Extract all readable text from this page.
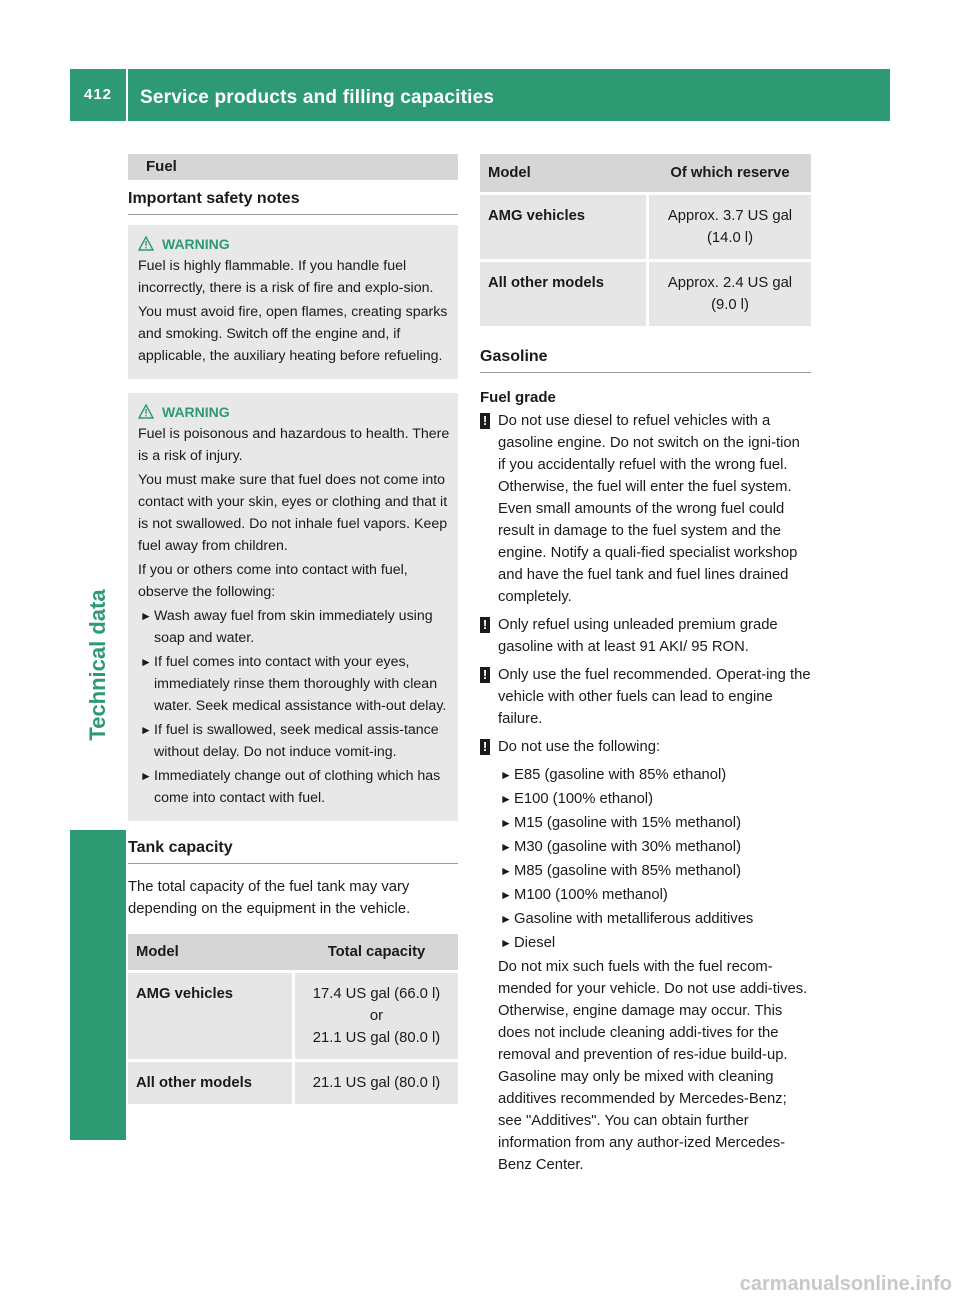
412	Service products and filling capacities
Technical data
Fuel
Important safety notes
WARNING

Fuel is highly flammable. If you handle fuel incorrectly, there is a risk of fire and explo-sion.

You must avoid fire, open flames, creating sparks and smoking. Switch off the engine and, if applicable, the auxiliary heating before refueling.

WARNING

Fuel is poisonous and hazardous to health. There is a risk of injury.

You must make sure that fuel does not come into contact with your skin, eyes or clothing and that it is not swallowed. Do not inhale fuel vapors. Keep fuel away from children.

If you or others come into contact with fuel, observe the following:

► Wash away fuel from skin immediately using soap and water.
► If fuel comes into contact with your eyes, immediately rinse them thoroughly with clean water. Seek medical assistance with-out delay.
► If fuel is swallowed, seek medical assis-tance without delay. Do not induce vomit-ing.
► Immediately change out of clothing which has come into contact with fuel.
Tank capacity
The total capacity of the fuel tank may vary depending on the equipment in the vehicle.
Model	Total capacity
AMG vehicles	17.4 US gal (66.0 l)
or
21.1 US gal (80.0 l)

All other models	21.1 US gal (80.0 l)
Model	Of which reserve
AMG vehicles	Approx. 3.7 US gal
(14.0 l)

All other models	Approx. 2.4 US gal
(9.0 l)
Gasoline
Fuel grade
! Do not use diesel to refuel vehicles with a gasoline engine. Do not switch on the igni-tion if you accidentally refuel with the wrong fuel. Otherwise, the fuel will enter the fuel system. Even small amounts of the wrong fuel could result in damage to the fuel system and the engine. Notify a quali-fied specialist workshop and have the fuel tank and fuel lines drained completely.
! Only refuel using unleaded premium grade gasoline with at least 91 AKI/ 95 RON.
! Only use the fuel recommended. Operat-ing the vehicle with other fuels can lead to engine failure.
! Do not use the following:
► E85 (gasoline with 85% ethanol)
► E100 (100% ethanol)
► M15 (gasoline with 15% methanol)
► M30 (gasoline with 30% methanol)
► M85 (gasoline with 85% methanol)
► M100 (100% methanol)
► Gasoline with metalliferous additives
► Diesel
Do not mix such fuels with the fuel recom-mended for your vehicle. Do not use addi-tives. Otherwise, engine damage may occur. This does not include cleaning addi-tives for the removal and prevention of res-idue build-up. Gasoline may only be mixed with cleaning additives recommended by Mercedes-Benz; see "Additives". You can obtain further information from any author-ized Mercedes-Benz Center.
carmanualsonline.info
